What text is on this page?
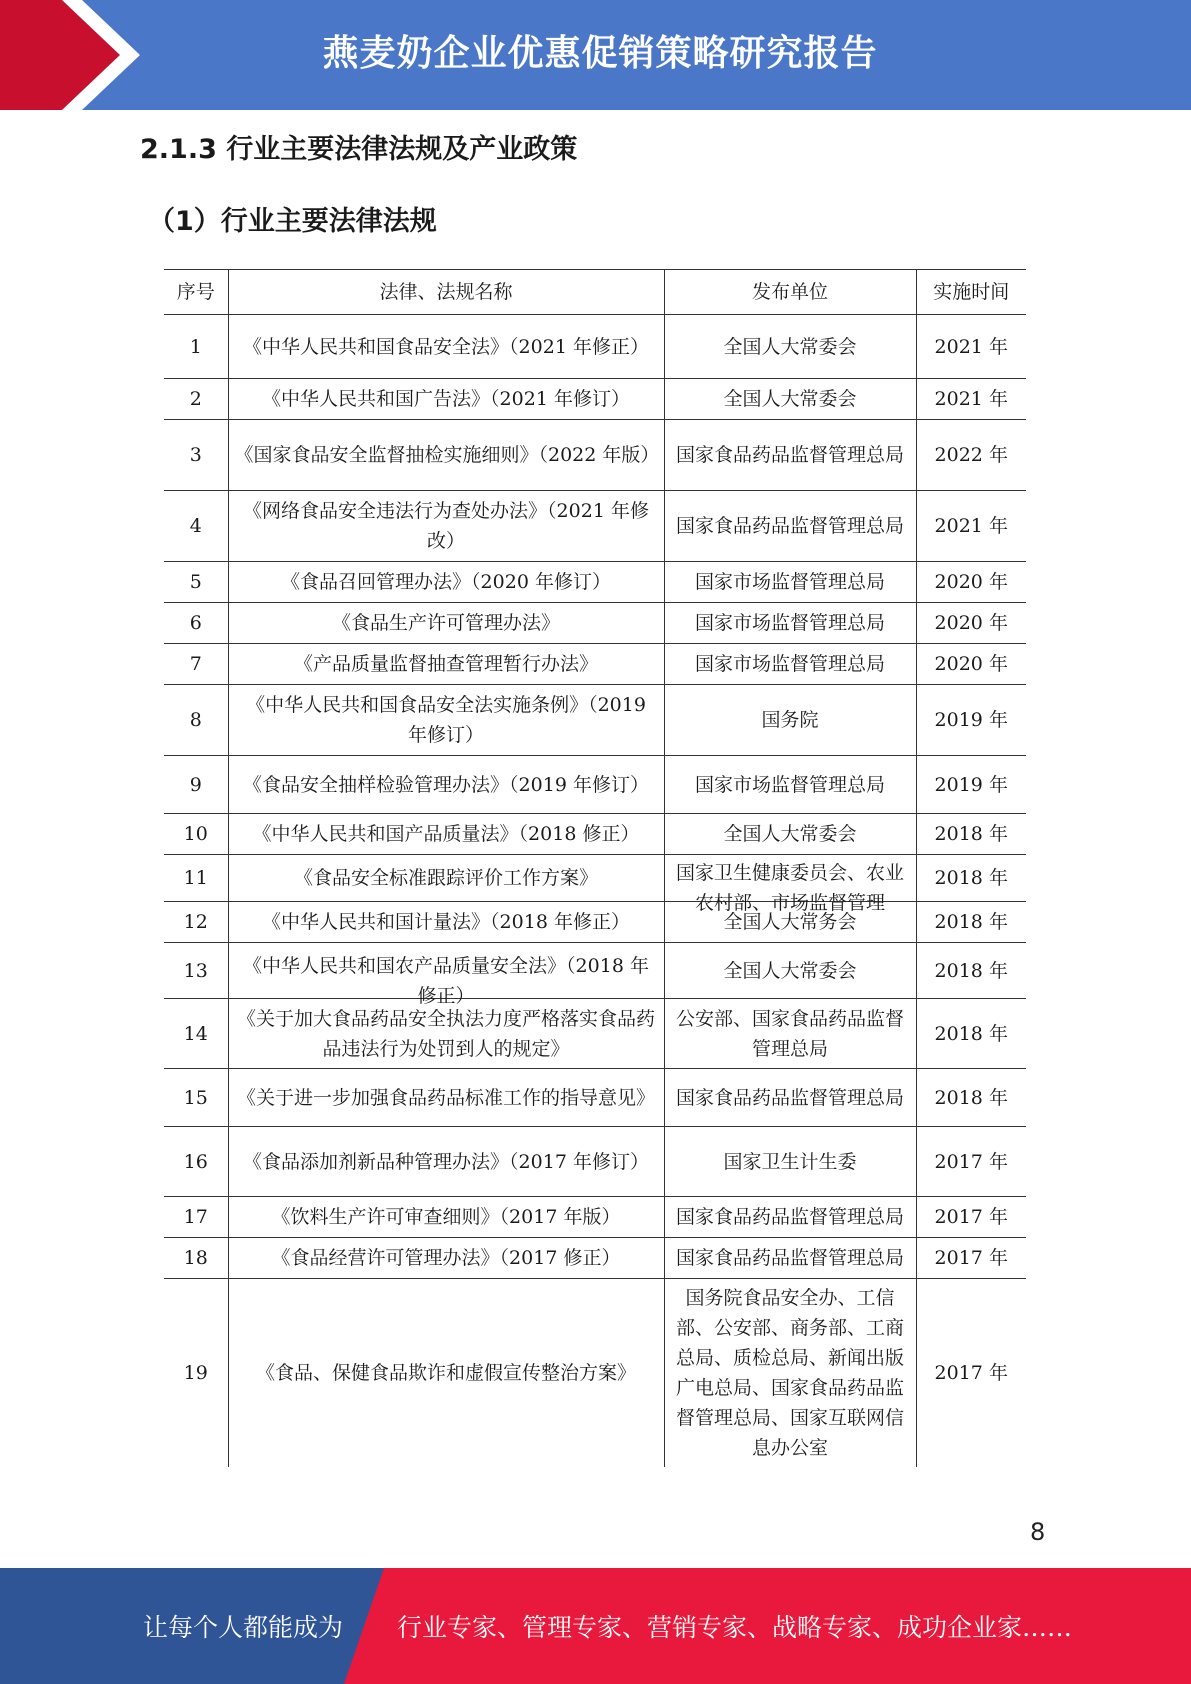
燕麦奶企业优惠促销策略研究报告
2.1.3 行业主要法律法规及产业政策
（1）行业主要法律法规
序号	法律、法规名称	发布单位	实施时间
1	《中华人民共和国食品安全法》（2021 年修正）	全国人大常委会	2021 年
2	《中华人民共和国广告法》（2021 年修订）	全国人大常委会	2021 年
3	《国家食品安全监督抽检实施细则》（2022 年版）	国家食品药品监督管理总局	2022 年
4	《网络食品安全违法行为查处办法》（2021 年修改）	国家食品药品监督管理总局	2021 年
5	《食品召回管理办法》（2020 年修订）	国家市场监督管理总局	2020 年
6	《食品生产许可管理办法》	国家市场监督管理总局	2020 年
7	《产品质量监督抽查管理暂行办法》	国家市场监督管理总局	2020 年
8	《中华人民共和国食品安全法实施条例》（2019 年修订）	国务院	2019 年
9	《食品安全抽样检验管理办法》（2019 年修订）	国家市场监督管理总局	2019 年
10	《中华人民共和国产品质量法》（2018 修正）	全国人大常委会	2018 年
11	《食品安全标准跟踪评价工作方案》	国家卫生健康委员会、农业农村部、市场监督管理	2018 年
12	《中华人民共和国计量法》（2018 年修正）	全国人大常务会	2018 年
13	《中华人民共和国农产品质量安全法》（2018 年修正）	全国人大常委会	2018 年
14	《关于加大食品药品安全执法力度严格落实食品药品违法行为处罚到人的规定》	公安部、国家食品药品监督管理总局	2018 年
15	《关于进一步加强食品药品标准工作的指导意见》	国家食品药品监督管理总局	2018 年
16	《食品添加剂新品种管理办法》（2017 年修订）	国家卫生计生委	2017 年
17	《饮料生产许可审查细则》（2017 年版）	国家食品药品监督管理总局	2017 年
18	《食品经营许可管理办法》（2017 修正）	国家食品药品监督管理总局	2017 年
19	《食品、保健食品欺诈和虚假宣传整治方案》	国务院食品安全办、工信部、公安部、商务部、工商总局、质检总局、新闻出版广电总局、国家食品药品监督管理总局、国家互联网信息办公室	2017 年
8
让每个人都能成为 行业专家、管理专家、营销专家、战略专家、成功企业家……
